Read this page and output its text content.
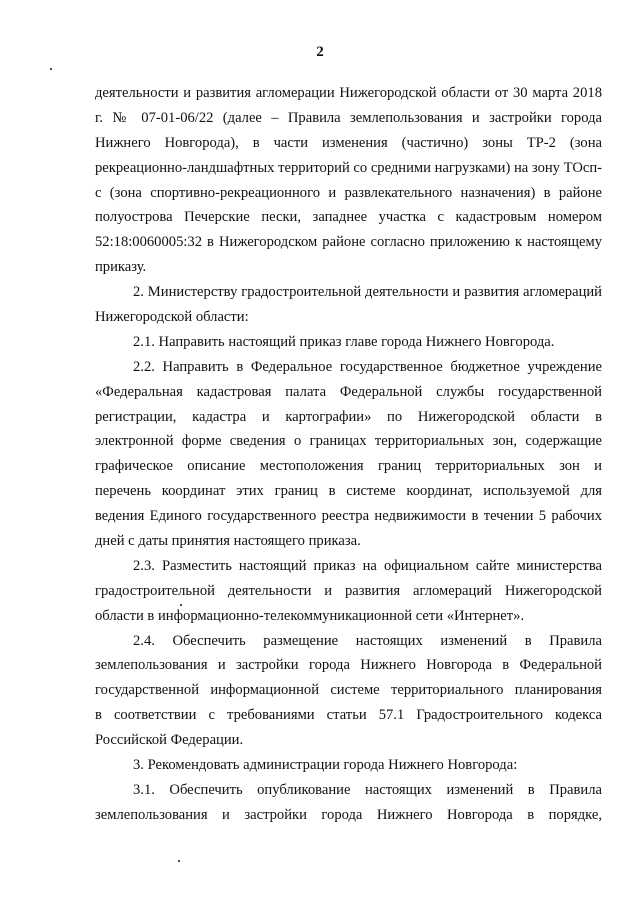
2
деятельности и развития агломерации Нижегородской области от 30 марта 2018
г. № 07-01-06/22 (далее – Правила землепользования и застройки города
Нижнего Новгорода), в части изменения (частично) зоны ТР-2 (зона
рекреационно-ландшафтных территорий со средними нагрузками) на зону ТОсп-
с (зона спортивно-рекреационного и развлекательного назначения) в районе
полуострова Печерские пески, западнее участка с кадастровым номером
52:18:0060005:32 в Нижегородском районе согласно приложению к настоящему
приказу.
2. Министерству градостроительной деятельности и развития агломераций
Нижегородской области:
2.1. Направить настоящий приказ главе города Нижнего Новгорода.
2.2. Направить в Федеральное государственное бюджетное учреждение
«Федеральная кадастровая палата Федеральной службы государственной
регистрации, кадастра и картографии» по Нижегородской области в
электронной форме сведения о границах территориальных зон, содержащие
графическое описание местоположения границ территориальных зон и
перечень координат этих границ в системе координат, используемой для
ведения Единого государственного реестра недвижимости в течении 5 рабочих
дней с даты принятия настоящего приказа.
2.3. Разместить настоящий приказ на официальном сайте министерства
градостроительной деятельности и развития агломераций Нижегородской
области в информационно-телекоммуникационной сети «Интернет».
2.4. Обеспечить размещение настоящих изменений в Правила
землепользования и застройки города Нижнего Новгорода в Федеральной
государственной информационной системе территориального планирования
в соответствии с требованиями статьи 57.1 Градостроительного кодекса
Российской Федерации.
3. Рекомендовать администрации города Нижнего Новгорода:
3.1. Обеспечить опубликование настоящих изменений в Правила
землепользования и застройки города Нижнего Новгорода в порядке,
